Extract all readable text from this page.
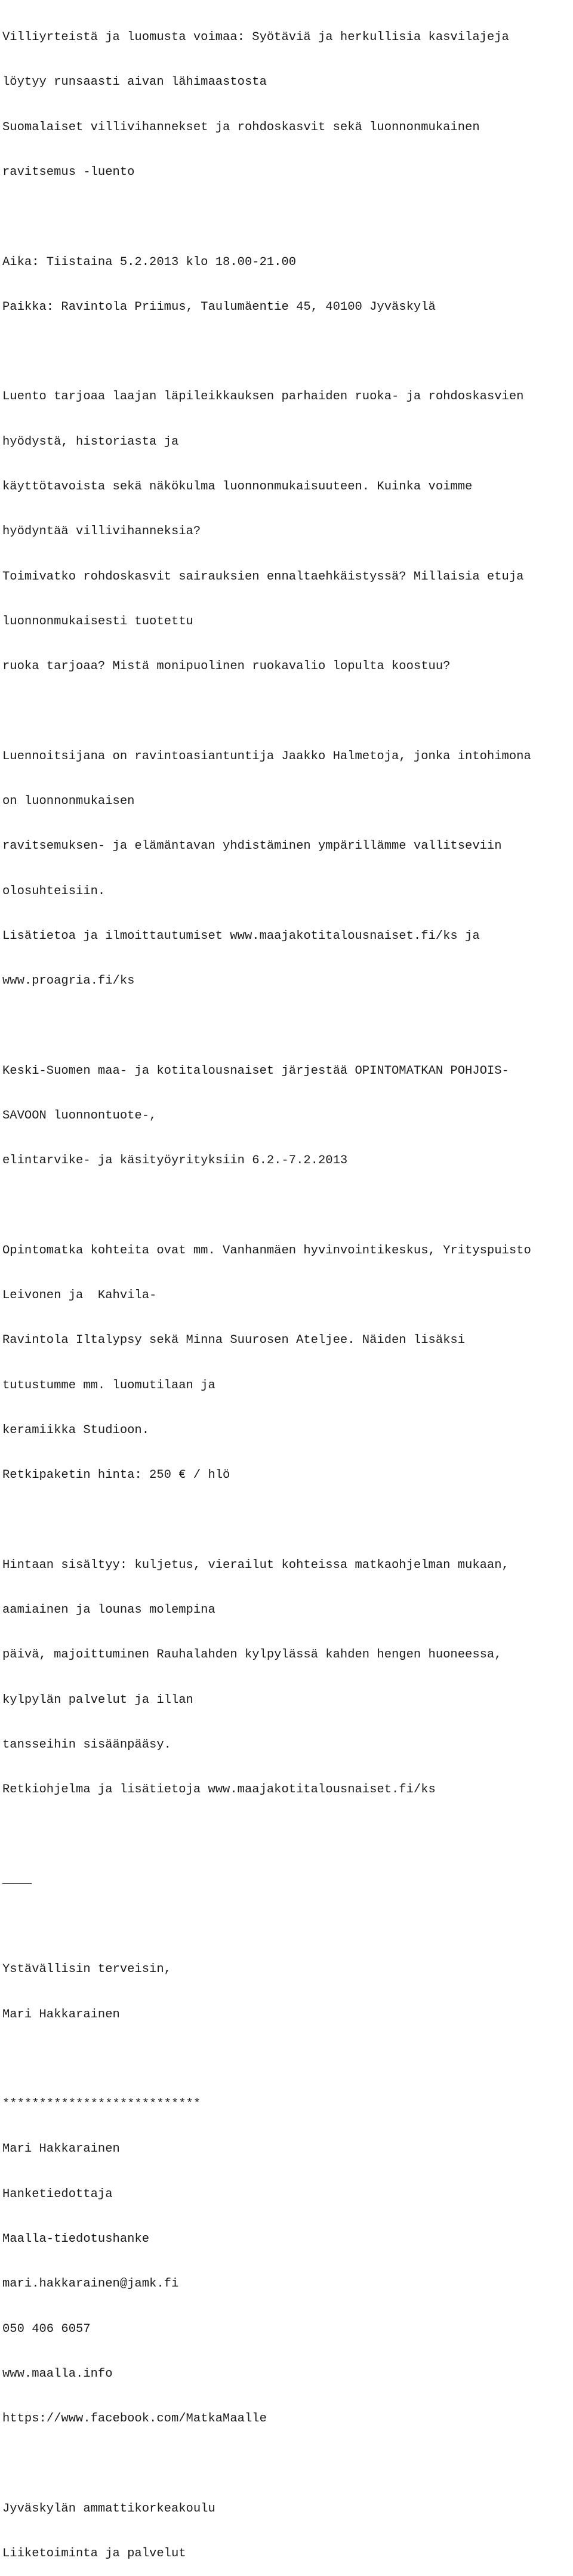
Villiyrteistä ja luomusta voimaa: Syötäviä ja herkullisia kasvilajeja

löytyy runsaasti aivan lähimaastosta

Suomalaiset villivihannekset ja rohdoskasvit sekä luonnonmukainen

ravitsemus -luento

Aika: Tiistaina 5.2.2013 klo 18.00-21.00

Paikka: Ravintola Priimus, Taulumäentie 45, 40100 Jyväskylä

Luento tarjoaa laajan läpileikkauksen parhaiden ruoka- ja rohdoskasvien

hyödystä, historiasta ja

käyttötavoista sekä näkökulma luonnonmukaisuuteen. Kuinka voimme

hyödyntää villivihanneksia?

Toimivatko rohdoskasvit sairauksien ennaltaehkäistyssä? Millaisia etuja

luonnonmukaisesti tuotettu

ruoka tarjoaa? Mistä monipuolinen ruokavalio lopulta koostuu?

Luennoitsijana on ravintoasiantuntija Jaakko Halmetoja, jonka intohimona

on luonnonmukaisen

ravitsemuksen- ja elämäntavan yhdistäminen ympärillämme vallitseviin

olosuhteisiin.

Lisätietoa ja ilmoittautumiset www.maajakotitalousnaiset.fi/ks ja

www.proagria.fi/ks

Keski-Suomen maa- ja kotitalousnaiset järjestää OPINTOMATKAN POHJOIS-

SAVOON luonnontuote-,

elintarvike- ja käsityöyrityksiin 6.2.-7.2.2013

Opintomatka kohteita ovat mm. Vanhanmäen hyvinvointikeskus, Yrityspuisto

Leivonen ja  Kahvila-

Ravintola Iltalypsy sekä Minna Suurosen Ateljee. Näiden lisäksi

tutustumme mm. luomutilaan ja

keramiikka Studioon.

Retkipaketin hinta: 250 € / hlö

Hintaan sisältyy: kuljetus, vierailut kohteissa matkaohjelman mukaan,

aamiainen ja lounas molempina

päivä, majoittuminen Rauhalahden kylpylässä kahden hengen huoneessa,

kylpylän palvelut ja illan

tansseihin sisäänpääsy.

Retkiohjelma ja lisätietoja www.maajakotitalousnaiset.fi/ks

____

Ystävällisin terveisin,

Mari Hakkarainen

***************************

Mari Hakkarainen

Hanketiedottaja

Maalla-tiedotushanke

mari.hakkarainen@jamk.fi

050 406 6057

www.maalla.info

https://www.facebook.com/MatkaMaalle

Jyväskylän ammattikorkeakoulu

Liiketoiminta ja palvelut
